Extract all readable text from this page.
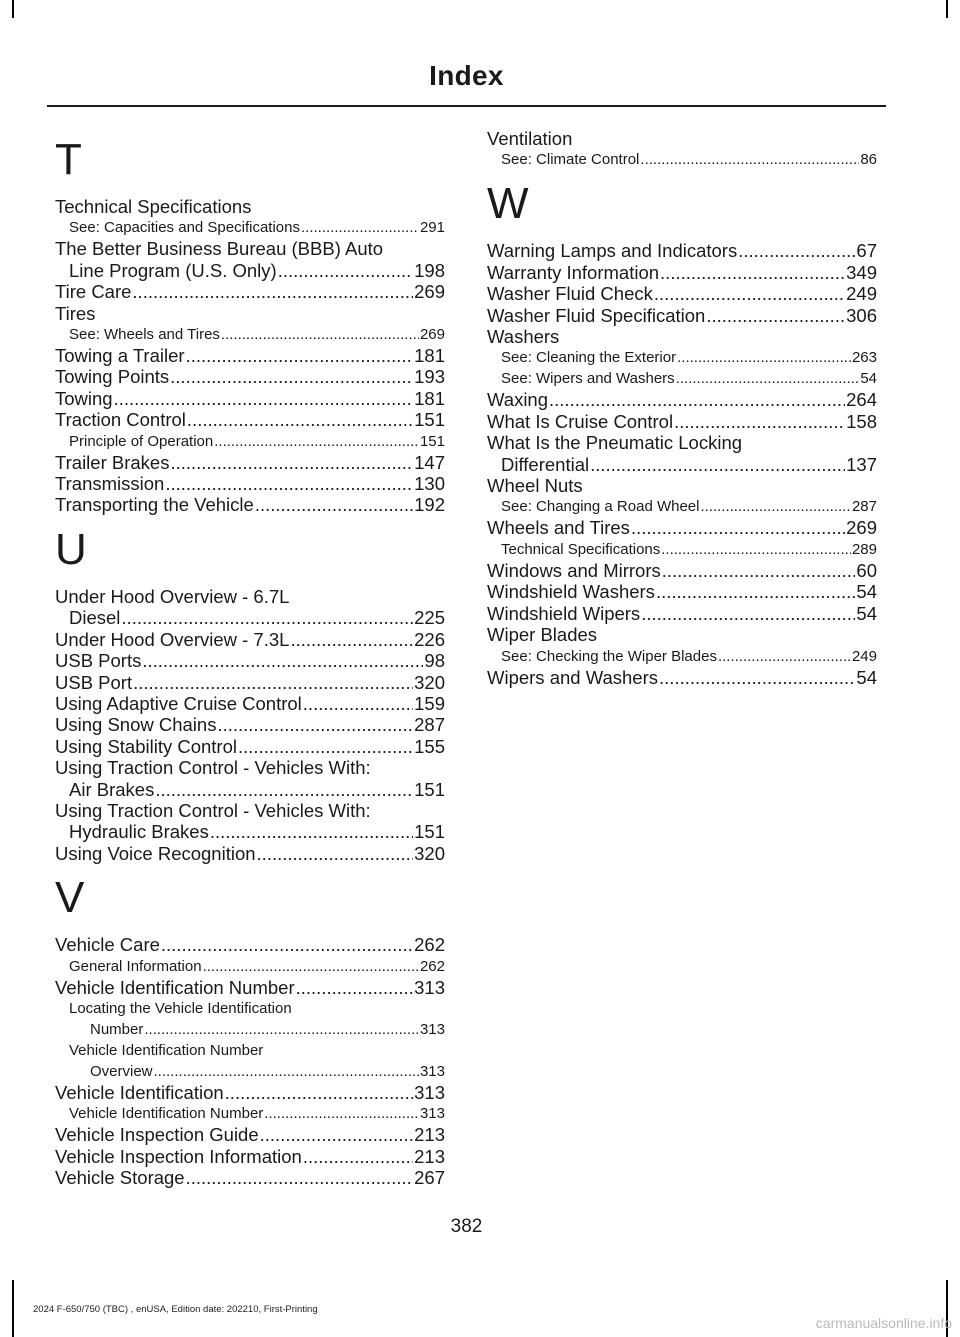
Index
T
Technical Specifications
See: Capacities and Specifications .....	291
The Better Business Bureau (BBB) Auto
Line Program (U.S. Only) .....	198
Tire Care .....	269
Tires
See: Wheels and Tires .....	269
Towing a Trailer .....	181
Towing Points .....	193
Towing .....	181
Traction Control .....	151
Principle of Operation .....	151
Trailer Brakes .....	147
Transmission .....	130
Transporting the Vehicle .....	192
U
Under Hood Overview - 6.7L
Diesel .....	225
Under Hood Overview - 7.3L .....	226
USB Ports .....	98
USB Port .....	320
Using Adaptive Cruise Control .....	159
Using Snow Chains .....	287
Using Stability Control .....	155
Using Traction Control - Vehicles With:
Air Brakes .....	151
Using Traction Control - Vehicles With:
Hydraulic Brakes .....	151
Using Voice Recognition .....	320
V
Vehicle Care .....	262
General Information .....	262
Vehicle Identification Number .....	313
Locating the Vehicle Identification
Number .....	313
Vehicle Identification Number
Overview .....	313
Vehicle Identification .....	313
Vehicle Identification Number .....	313
Vehicle Inspection Guide .....	213
Vehicle Inspection Information .....	213
Vehicle Storage .....	267
Ventilation
See: Climate Control .....	86
W
Warning Lamps and Indicators .....	67
Warranty Information .....	349
Washer Fluid Check .....	249
Washer Fluid Specification .....	306
Washers
See: Cleaning the Exterior .....	263
See: Wipers and Washers .....	54
Waxing .....	264
What Is Cruise Control .....	158
What Is the Pneumatic Locking
Differential .....	137
Wheel Nuts
See: Changing a Road Wheel .....	287
Wheels and Tires .....	269
Technical Specifications .....	289
Windows and Mirrors .....	60
Windshield Washers .....	54
Windshield Wipers .....	54
Wiper Blades
See: Checking the Wiper Blades .....	249
Wipers and Washers .....	54
382
2024 F-650/750 (TBC) , enUSA, Edition date: 202210, First-Printing
carmanualsonline.info
